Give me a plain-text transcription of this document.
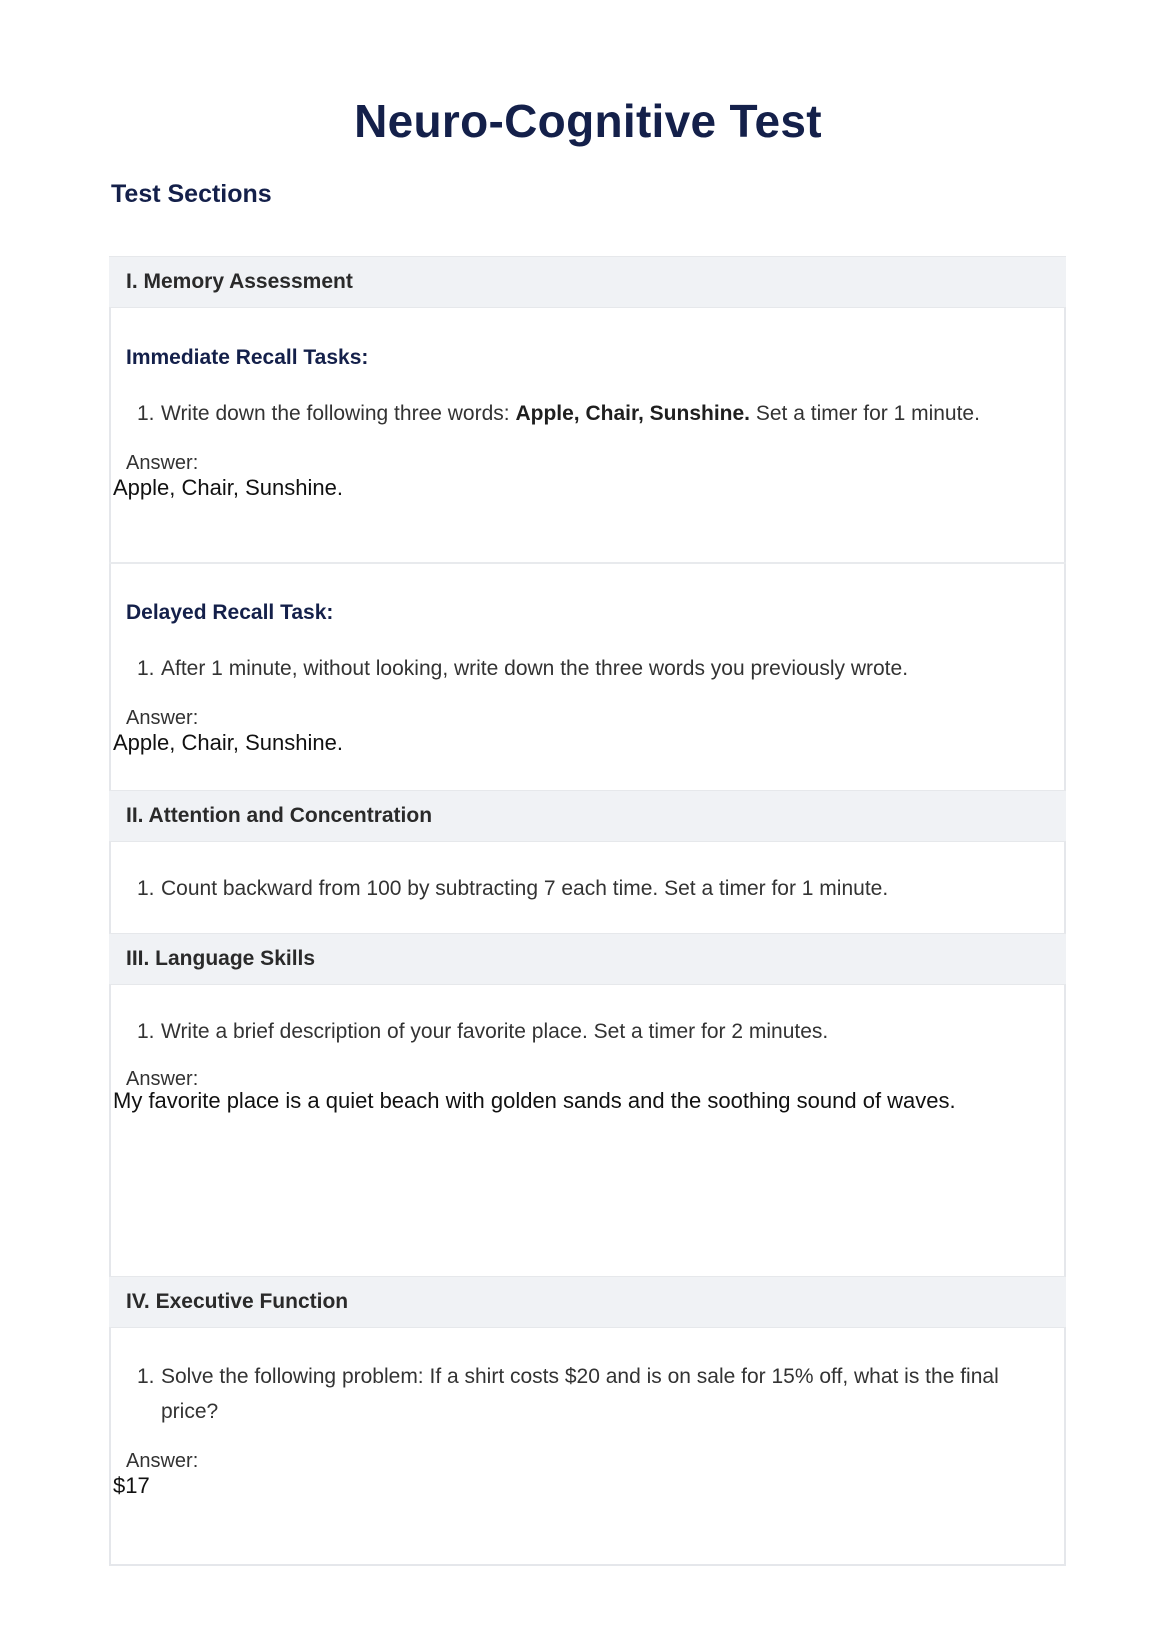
Neuro-Cognitive Test
Test Sections
I. Memory Assessment
Immediate Recall Tasks:
1. Write down the following three words: Apple, Chair, Sunshine. Set a timer for 1 minute.
Answer:
Apple, Chair, Sunshine.
Delayed Recall Task:
1. After 1 minute, without looking, write down the three words you previously wrote.
Answer:
Apple, Chair, Sunshine.
II. Attention and Concentration
1. Count backward from 100 by subtracting 7 each time. Set a timer for 1 minute.
III. Language Skills
1. Write a brief description of your favorite place. Set a timer for 2 minutes.
Answer:
My favorite place is a quiet beach with golden sands and the soothing sound of waves.
IV. Executive Function
1. Solve the following problem: If a shirt costs $20 and is on sale for 15% off, what is the final price?
Answer:
$17
